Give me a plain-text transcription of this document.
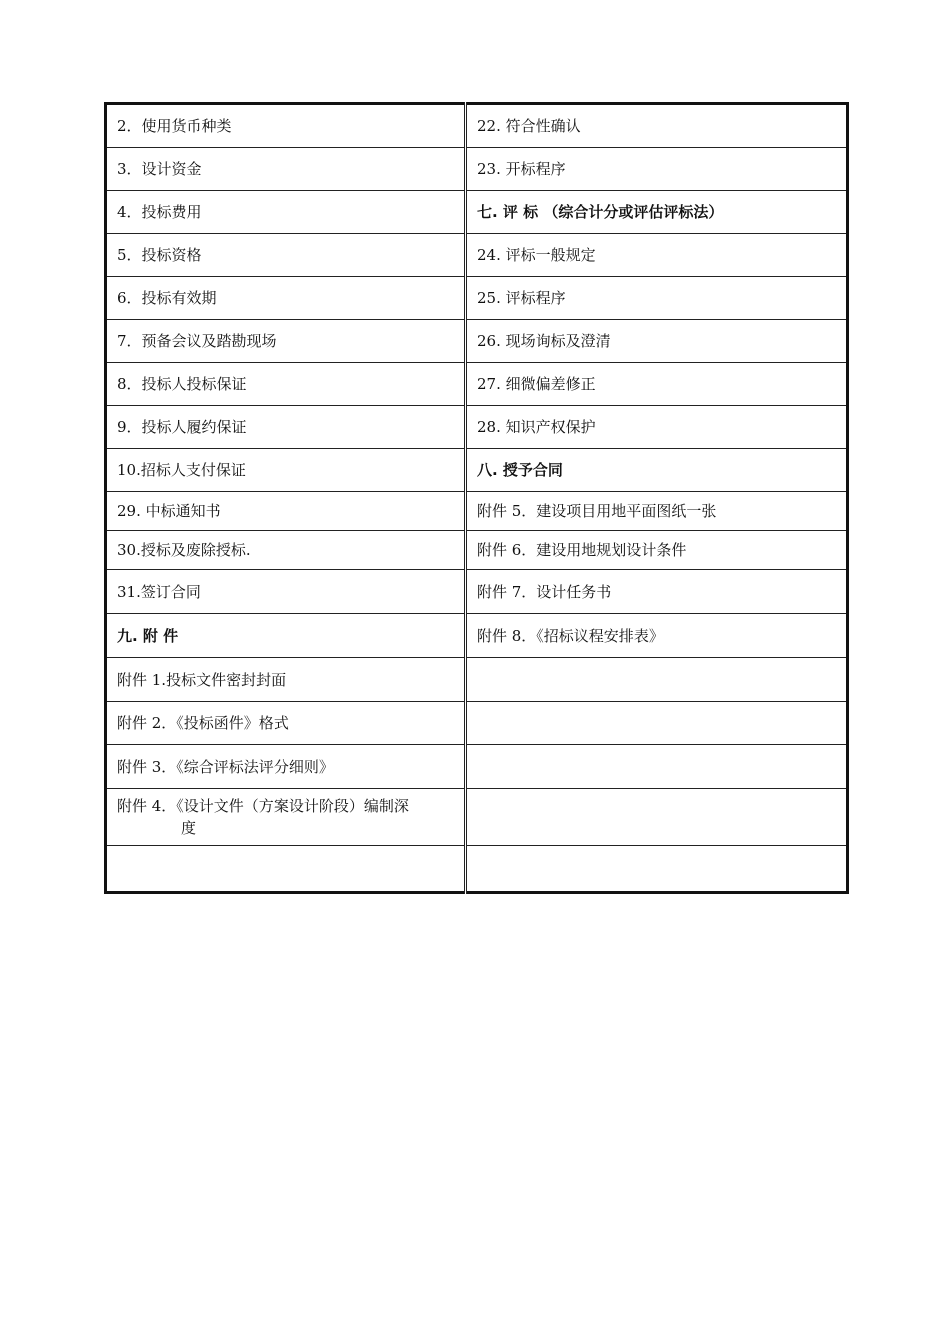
2．使用货币种类	22. 符合性确认
3．设计资金	23. 开标程序
4．投标费用	七. 评 标 （综合计分或评估评标法）
5．投标资格	24. 评标一般规定
6．投标有效期	25. 评标程序
7．预备会议及踏勘现场	26. 现场询标及澄清
8．投标人投标保证	27. 细微偏差修正
9．投标人履约保证	28. 知识产权保护
10.招标人支付保证	八. 授予合同
29. 中标通知书	附件 5．建设项目用地平面图纸一张
30.授标及废除授标.	附件 6．建设用地规划设计条件
31.签订合同	附件 7．设计任务书
九. 附 件	附件 8．《招标议程安排表》
附件 1.投标文件密封封面	
附件 2．《投标函件》格式	
附件 3．《综合评标法评分细则》	
附件 4．《设计文件（方案设计阶段）编制深
度	
